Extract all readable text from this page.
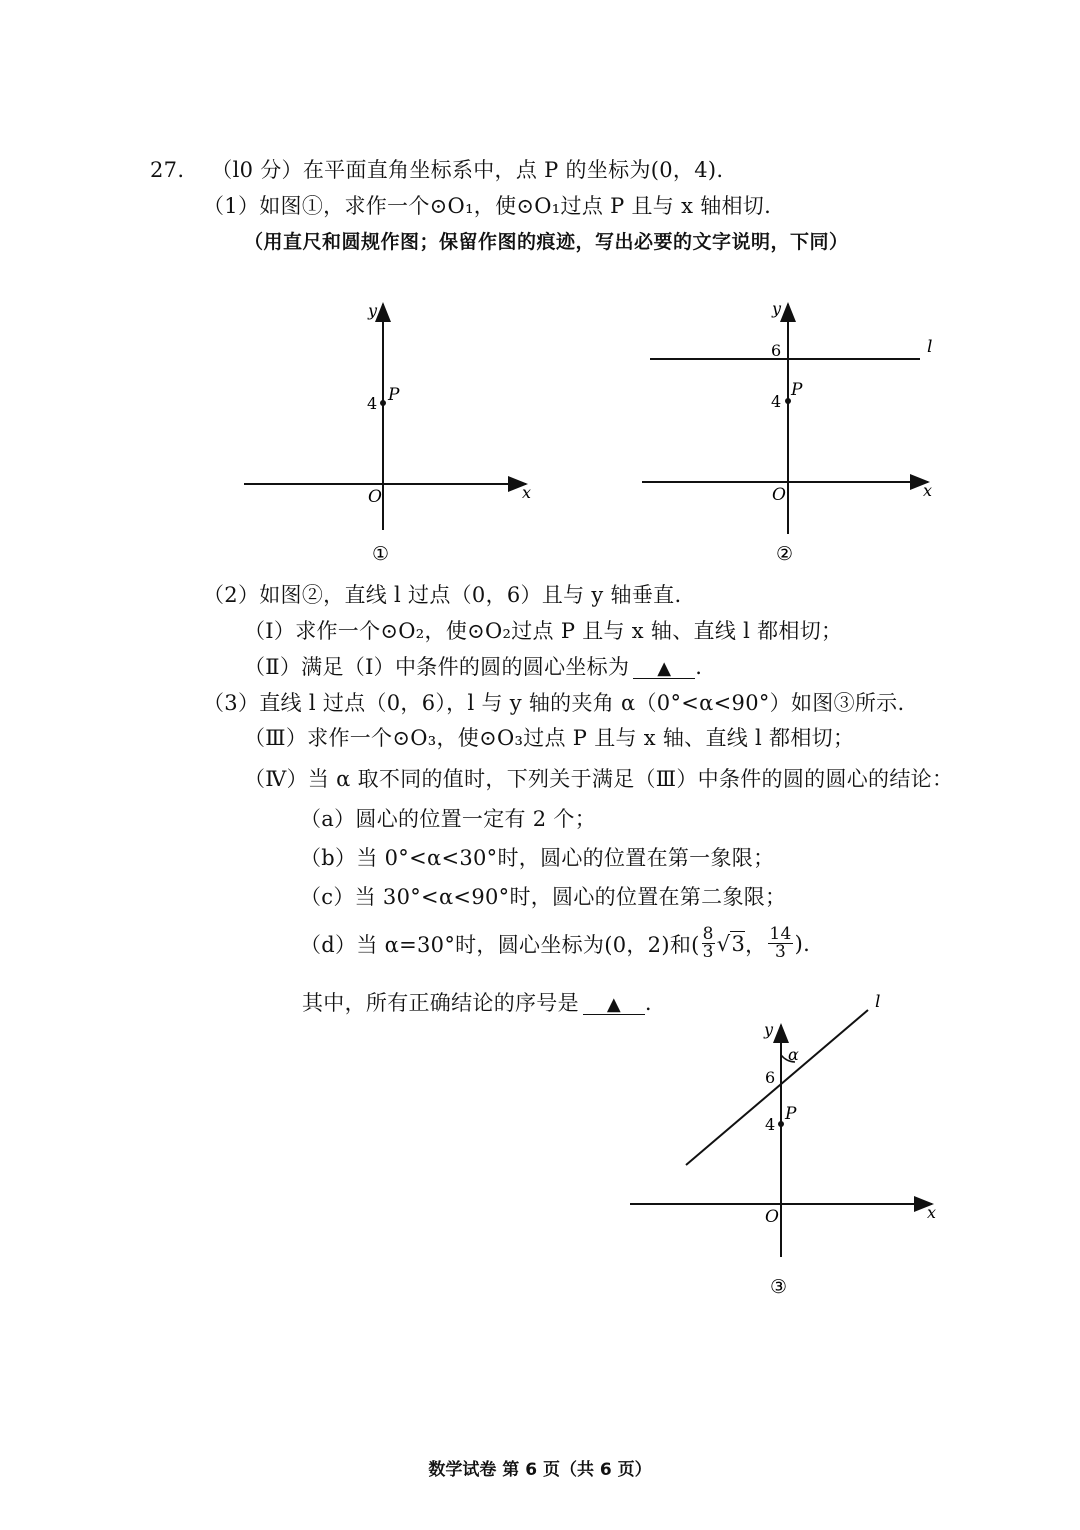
27. （l0 分）在平面直角坐标系中，点 P 的坐标为(0，4).
（1）如图①，求作一个⊙O₁，使⊙O₁过点 P 且与 x 轴相切.
（用直尺和圆规作图；保留作图的痕迹，写出必要的文字说明，下同）
y
x
O
4 P
①
y
x
O
6
4
P
l
②
（2）如图②，直线 l 过点（0，6）且与 y 轴垂直.
（Ⅰ）求作一个⊙O₂，使⊙O₂过点 P 且与 x 轴、直线 l 都相切；
（Ⅱ）满足（Ⅰ）中条件的圆的圆心坐标为 ▲ .
（3）直线 l 过点（0，6），l 与 y 轴的夹角 α（0°<α<90°）如图③所示.
（Ⅲ）求作一个⊙O₃，使⊙O₃过点 P 且与 x 轴、直线 l 都相切；
（Ⅳ）当 α 取不同的值时，下列关于满足（Ⅲ）中条件的圆的圆心的结论：
（a）圆心的位置一定有 2 个；
（b）当 0°<α<30°时，圆心的位置在第一象限；
（c）当 30°<α<90°时，圆心的位置在第二象限；
（d）当 α=30°时，圆心坐标为(0，2)和( $\frac{8}{3}$ √ 3 ， $\frac{14}{3}$ ).
其中，所有正确结论的序号是 ▲ .
y
x
O
6
4
P
l
α
③
数学试卷 第 6 页（共 6 页）
